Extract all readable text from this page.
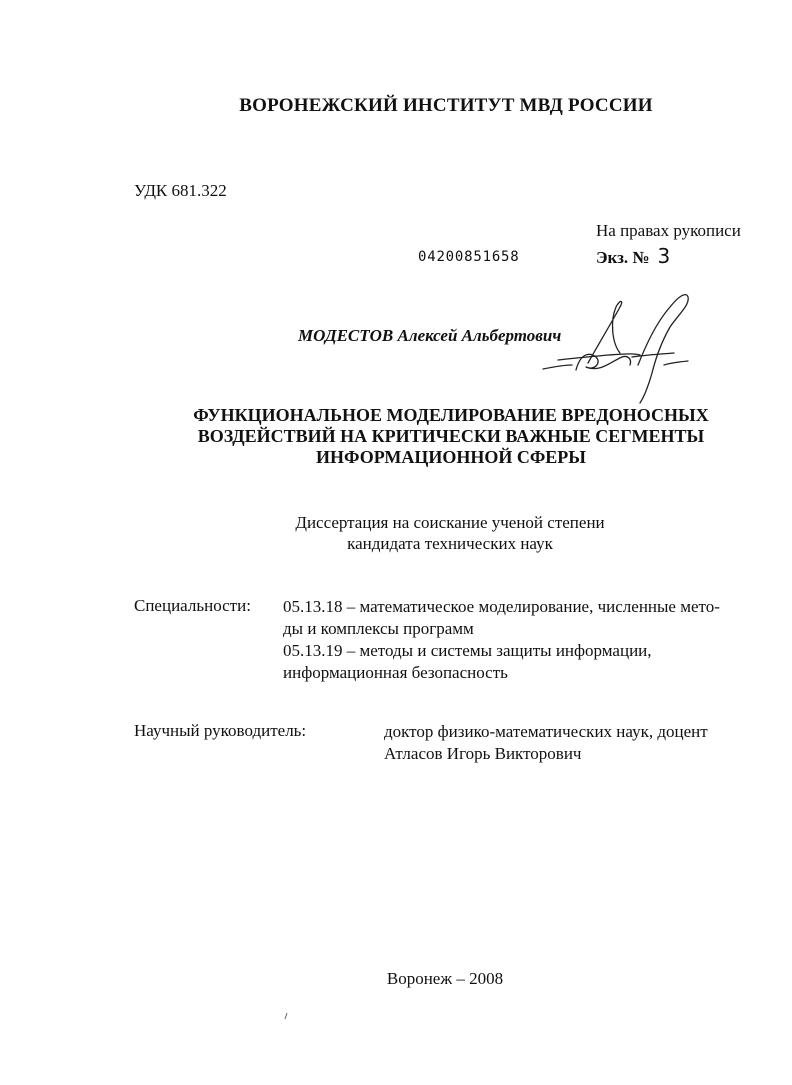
ВОРОНЕЖСКИЙ ИНСТИТУТ МВД РОССИИ
УДК 681.322
На правах рукописи
Экз. № 3
04200851658
МОДЕСТОВ Алексей Альбертович
ФУНКЦИОНАЛЬНОЕ МОДЕЛИРОВАНИЕ ВРЕДОНОСНЫХ
ВОЗДЕЙСТВИЙ НА КРИТИЧЕСКИ ВАЖНЫЕ СЕГМЕНТЫ
ИНФОРМАЦИОННОЙ СФЕРЫ
Диссертация на соискание ученой степени
кандидата технических наук
Специальности: 05.13.18 – математическое моделирование, численные мето-
ды и комплексы программ
05.13.19 – методы и системы защиты информации,
информационная безопасность
Научный руководитель:	доктор физико-математических наук, доцент
Атласов Игорь Викторович
Воронеж – 2008
